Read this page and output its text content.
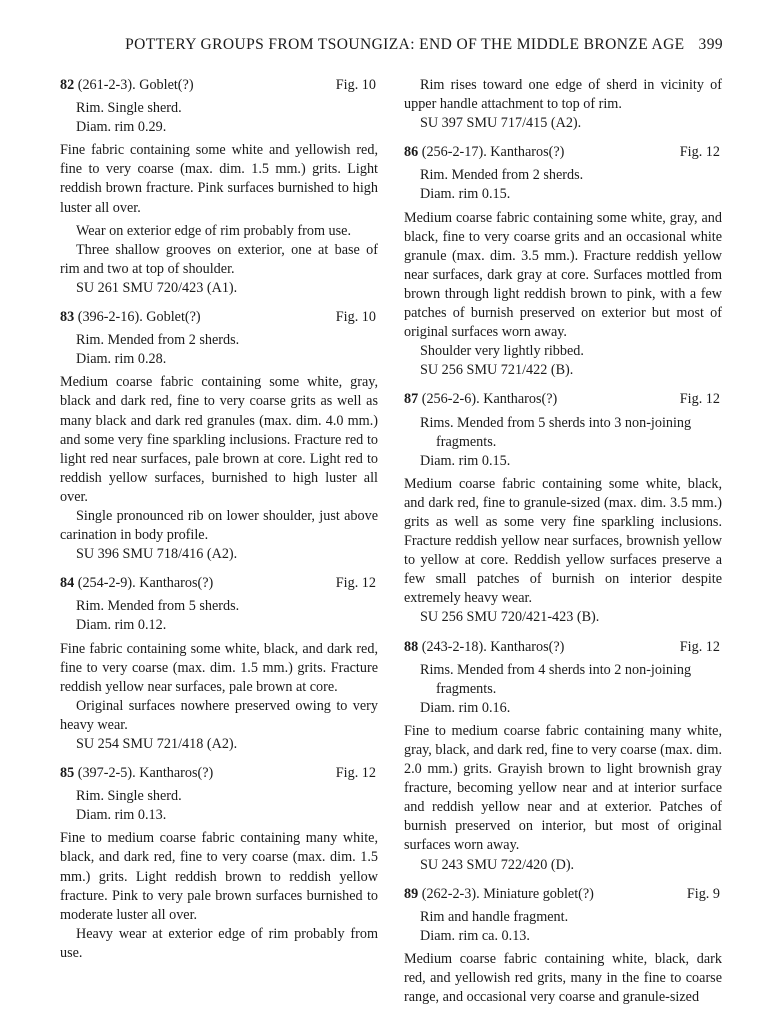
POTTERY GROUPS FROM TSOUNGIZA: END OF THE MIDDLE BRONZE AGE 399
82 (261-2-3). Goblet(?)	Fig. 10
Rim. Single sherd.
Diam. rim 0.29.

Fine fabric containing some white and yellowish red, fine to very coarse (max. dim. 1.5 mm.) grits. Light reddish brown fracture. Pink surfaces burnished to high luster all over.

Wear on exterior edge of rim probably from use.

Three shallow grooves on exterior, one at base of rim and two at top of shoulder.

SU 261 SMU 720/423 (A1).

83 (396-2-16). Goblet(?)	Fig. 10
Rim. Mended from 2 sherds.
Diam. rim 0.28.

Medium coarse fabric containing some white, gray, black and dark red, fine to very coarse grits as well as many black and dark red granules (max. dim. 4.0 mm.) and some very fine sparkling inclusions. Fracture red to light red near surfaces, pale brown at core. Light red to reddish yellow surfaces, burnished to high luster all over.

Single pronounced rib on lower shoulder, just above carination in body profile.

SU 396 SMU 718/416 (A2).

84 (254-2-9). Kantharos(?)	Fig. 12
Rim. Mended from 5 sherds.
Diam. rim 0.12.

Fine fabric containing some white, black, and dark red, fine to very coarse (max. dim. 1.5 mm.) grits. Fracture reddish yellow near surfaces, pale brown at core.

Original surfaces nowhere preserved owing to very heavy wear.

SU 254 SMU 721/418 (A2).

85 (397-2-5). Kantharos(?)	Fig. 12
Rim. Single sherd.
Diam. rim 0.13.

Fine to medium coarse fabric containing many white, black, and dark red, fine to very coarse (max. dim. 1.5 mm.) grits. Light reddish brown to reddish yellow fracture. Pink to very pale brown surfaces burnished to moderate luster all over.

Heavy wear at exterior edge of rim probably from use.

Rim rises toward one edge of sherd in vicinity of upper handle attachment to top of rim.

SU 397 SMU 717/415 (A2).

86 (256-2-17). Kantharos(?)	Fig. 12
Rim. Mended from 2 sherds.
Diam. rim 0.15.

Medium coarse fabric containing some white, gray, and black, fine to very coarse grits and an occasional white granule (max. dim. 3.5 mm.). Fracture reddish yellow near surfaces, dark gray at core. Surfaces mottled from brown through light reddish brown to pink, with a few patches of burnish preserved on exterior but most of original surfaces worn away.

Shoulder very lightly ribbed.

SU 256 SMU 721/422 (B).

87 (256-2-6). Kantharos(?)	Fig. 12
Rims. Mended from 5 sherds into 3 non-joining fragments.
Diam. rim 0.15.

Medium coarse fabric containing some white, black, and dark red, fine to granule-sized (max. dim. 3.5 mm.) grits as well as some very fine sparkling inclusions. Fracture reddish yellow near surfaces, brownish yellow to yellow at core. Reddish yellow surfaces preserve a few small patches of burnish on interior despite extremely heavy wear.

SU 256 SMU 720/421-423 (B).

88 (243-2-18). Kantharos(?)	Fig. 12
Rims. Mended from 4 sherds into 2 non-joining fragments.
Diam. rim 0.16.

Fine to medium coarse fabric containing many white, gray, black, and dark red, fine to very coarse (max. dim. 2.0 mm.) grits. Grayish brown to light brownish gray fracture, becoming yellow near and at interior surface and reddish yellow near and at exterior. Patches of burnish preserved on interior, but most of original surfaces worn away.

SU 243 SMU 722/420 (D).

89 (262-2-3). Miniature goblet(?)	Fig. 9
Rim and handle fragment.
Diam. rim ca. 0.13.

Medium coarse fabric containing white, black, dark red, and yellowish red grits, many in the fine to coarse range, and occasional very coarse and granule-sized
